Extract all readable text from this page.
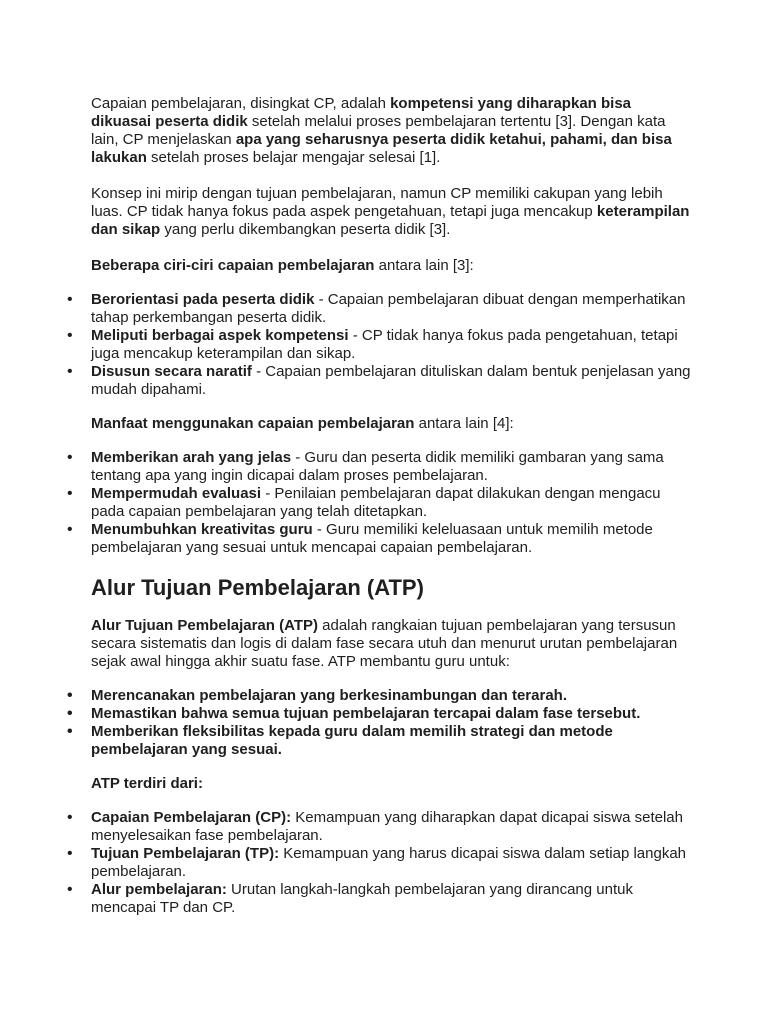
Capaian pembelajaran, disingkat CP, adalah kompetensi yang diharapkan bisa dikuasai peserta didik setelah melalui proses pembelajaran tertentu [3]. Dengan kata lain, CP menjelaskan apa yang seharusnya peserta didik ketahui, pahami, dan bisa lakukan setelah proses belajar mengajar selesai [1].

Konsep ini mirip dengan tujuan pembelajaran, namun CP memiliki cakupan yang lebih luas. CP tidak hanya fokus pada aspek pengetahuan, tetapi juga mencakup keterampilan dan sikap yang perlu dikembangkan peserta didik [3].

Beberapa ciri-ciri capaian pembelajaran antara lain [3]:

• Berorientasi pada peserta didik - Capaian pembelajaran dibuat dengan memperhatikan tahap perkembangan peserta didik.
• Meliputi berbagai aspek kompetensi - CP tidak hanya fokus pada pengetahuan, tetapi juga mencakup keterampilan dan sikap.
• Disusun secara naratif - Capaian pembelajaran dituliskan dalam bentuk penjelasan yang mudah dipahami.

Manfaat menggunakan capaian pembelajaran antara lain [4]:

• Memberikan arah yang jelas - Guru dan peserta didik memiliki gambaran yang sama tentang apa yang ingin dicapai dalam proses pembelajaran.
• Mempermudah evaluasi - Penilaian pembelajaran dapat dilakukan dengan mengacu pada capaian pembelajaran yang telah ditetapkan.
• Menumbuhkan kreativitas guru - Guru memiliki keleluasaan untuk memilih metode pembelajaran yang sesuai untuk mencapai capaian pembelajaran.
Alur Tujuan Pembelajaran (ATP)

Alur Tujuan Pembelajaran (ATP) adalah rangkaian tujuan pembelajaran yang tersusun secara sistematis dan logis di dalam fase secara utuh dan menurut urutan pembelajaran sejak awal hingga akhir suatu fase. ATP membantu guru untuk:

• Merencanakan pembelajaran yang berkesinambungan dan terarah.
• Memastikan bahwa semua tujuan pembelajaran tercapai dalam fase tersebut.
• Memberikan fleksibilitas kepada guru dalam memilih strategi dan metode pembelajaran yang sesuai.

ATP terdiri dari:

• Capaian Pembelajaran (CP): Kemampuan yang diharapkan dapat dicapai siswa setelah menyelesaikan fase pembelajaran.
• Tujuan Pembelajaran (TP): Kemampuan yang harus dicapai siswa dalam setiap langkah pembelajaran.
• Alur pembelajaran: Urutan langkah-langkah pembelajaran yang dirancang untuk mencapai TP dan CP.
